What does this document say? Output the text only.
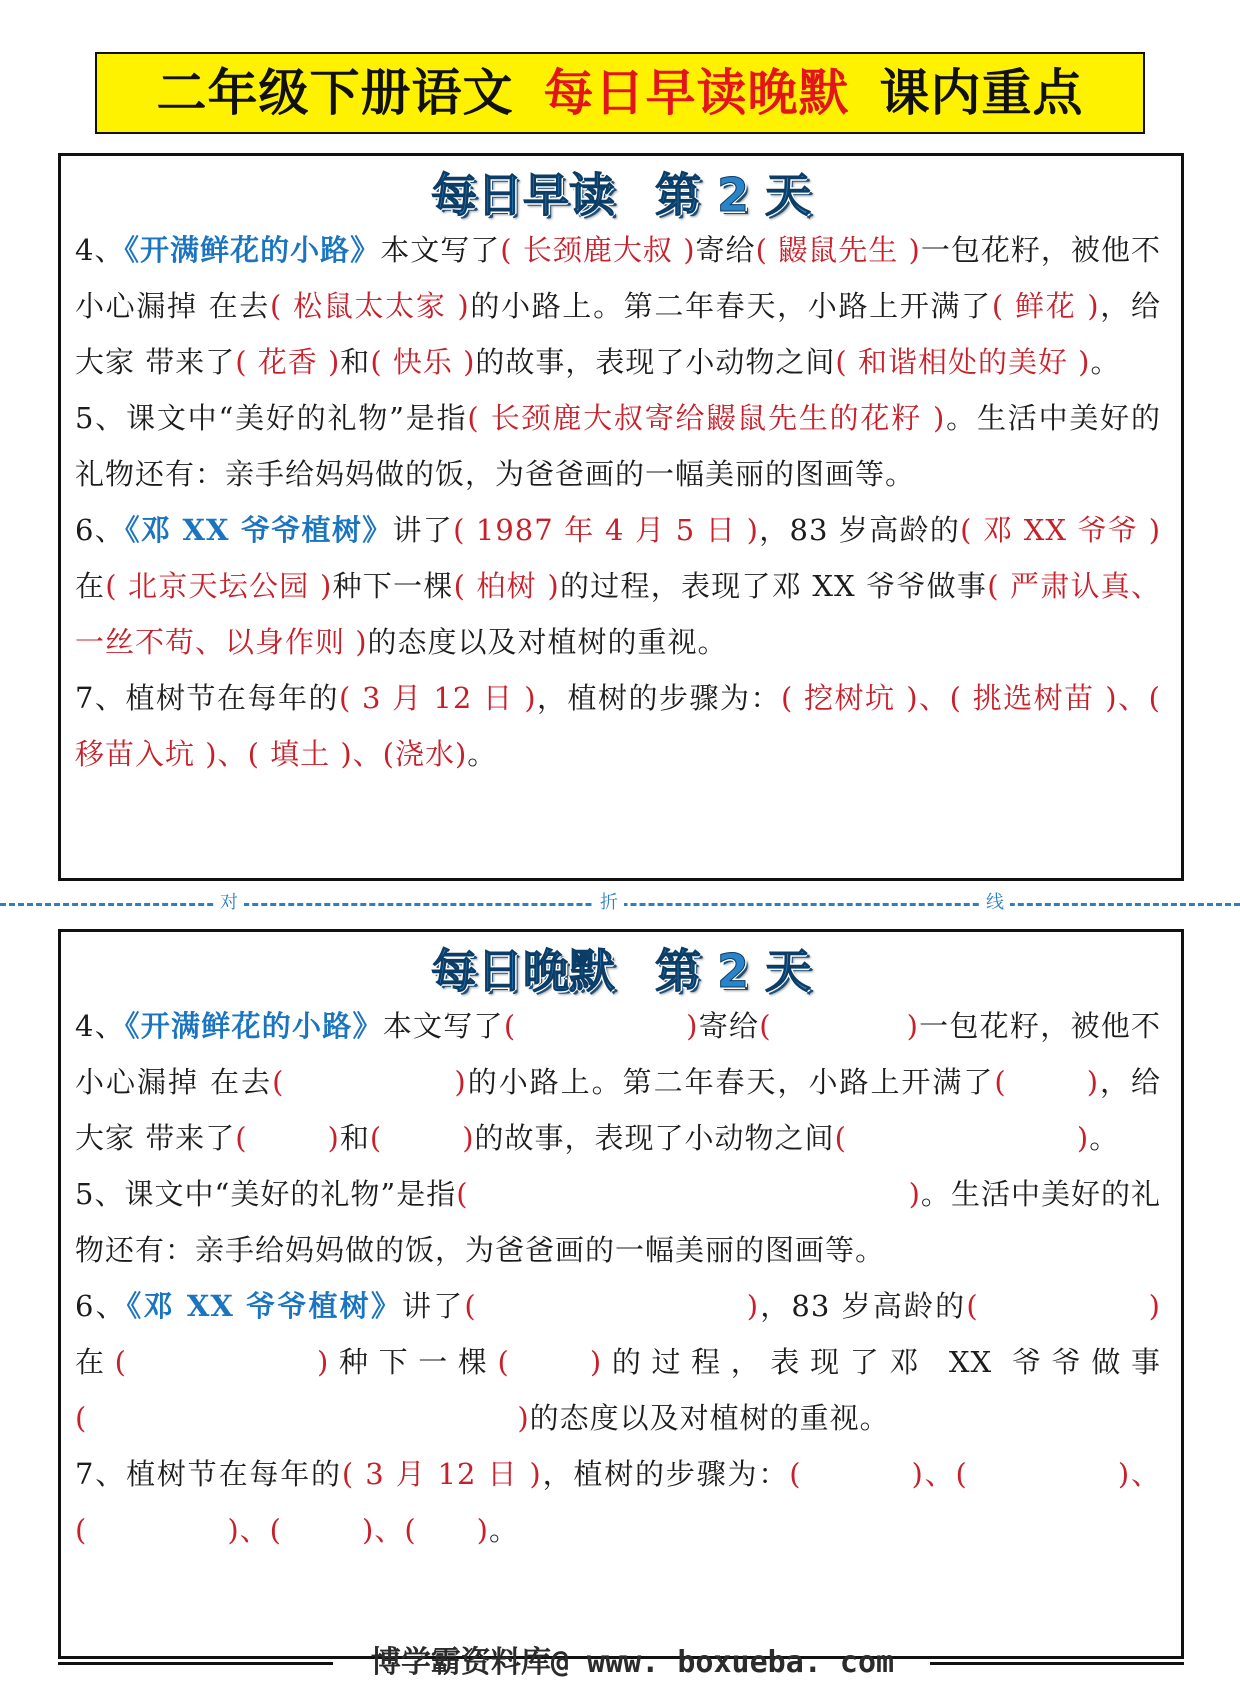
二年级下册语文 每日早读晚默 课内重点
每日早读 第 2 天

4、《开满鲜花的小路》本文写了( 长颈鹿大叔 )寄给( 鼹鼠先生 )一包花籽，被他不小心漏掉 在去( 松鼠太太家 )的小路上。第二年春天，小路上开满了( 鲜花 )，给大家 带来了( 花香 )和( 快乐 )的故事，表现了小动物之间( 和谐相处的美好 )。

5、课文中“美好的礼物”是指( 长颈鹿大叔寄给鼹鼠先生的花籽 )。生活中美好的礼物还有：亲手给妈妈做的饭，为爸爸画的一幅美丽的图画等。

6、《邓 XX 爷爷植树》讲了( 1987 年 4 月 5 日 )，83 岁高龄的( 邓 XX 爷爷 )在( 北京天坛公园 )种下一棵( 柏树 )的过程，表现了邓 XX 爷爷做事( 严肃认真、一丝不苟、以身作则 )的态度以及对植树的重视。

7、植树节在每年的( 3 月 12 日 )，植树的步骤为：( 挖树坑 )、( 挑选树苗 )、( 移苗入坑 )、( 填土 )、(浇水)。

对	折	线
每日晚默 第 2 天

4、《开满鲜花的小路》本文写了(	)寄给(	)一包花籽，被他不小心漏掉 在去(	)的小路上。第二年春天，小路上开满了(	)，给大家 带来了(	)和(	)的故事，表现了小动物之间(	)。

5、课文中“美好的礼物”是指(	)。生活中美好的礼物还有：亲手给妈妈做的饭，为爸爸画的一幅美丽的图画等。

6、《邓 XX 爷爷植树》讲了(	)，83 岁高龄的(	)在(	)种下一棵(	)的过程，表现了邓 XX 爷爷做事(	)的态度以及对植树的重视。

7、植树节在每年的( 3 月 12 日 )，植树的步骤为：(	)、(	)、(	)、(	)、( )。

博学霸资料库@ www. boxueba. com
